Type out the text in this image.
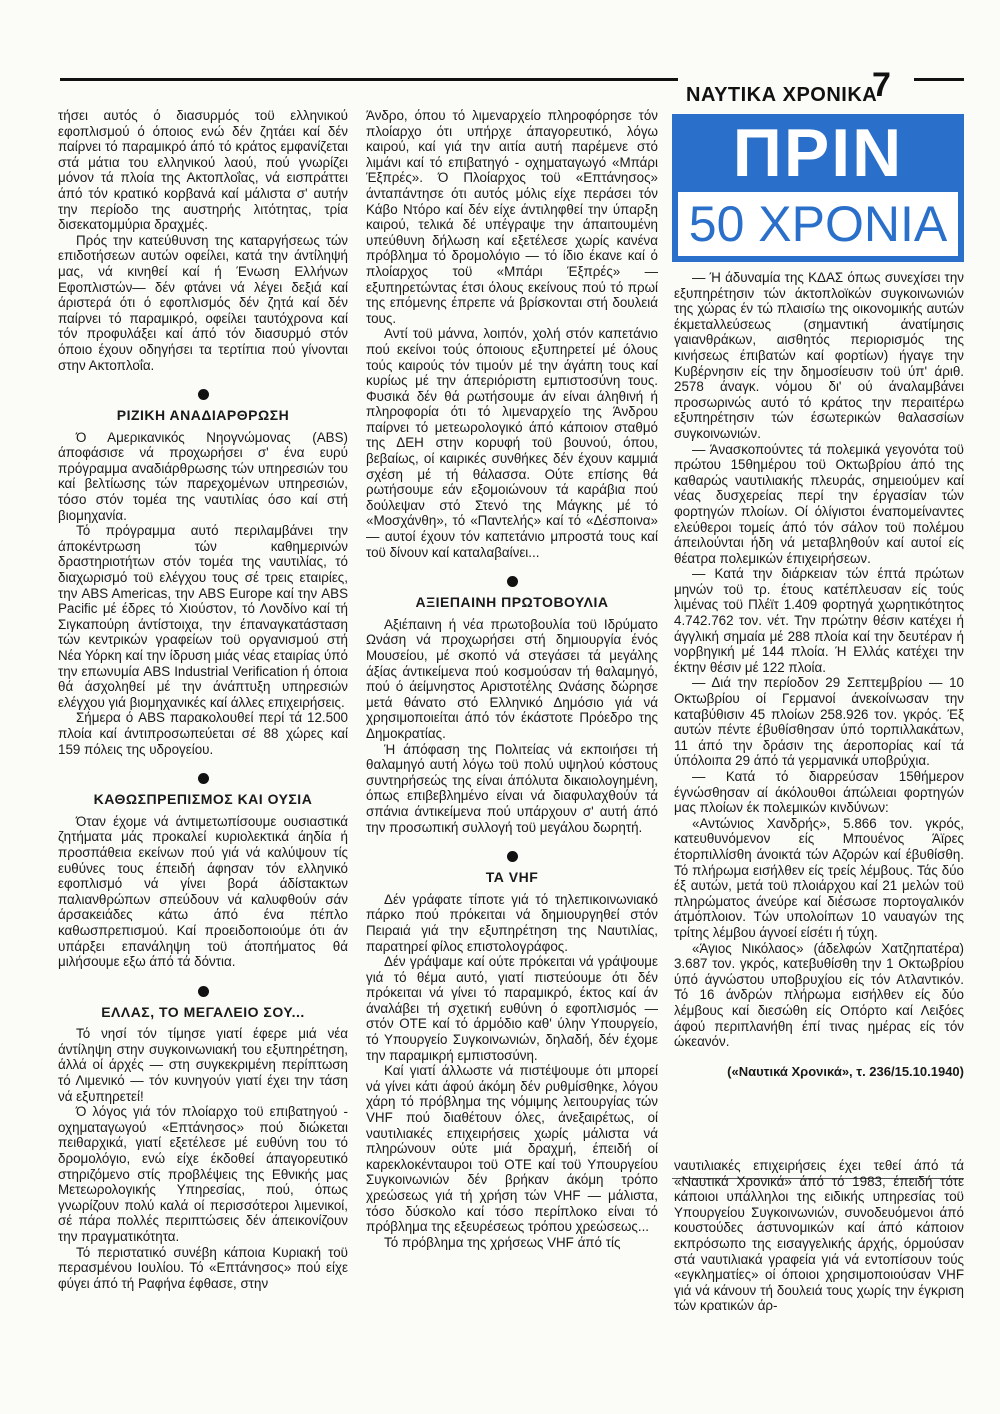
ΝΑΥΤΙΚΑ ΧΡΟΝΙΚΑ
7
ΠΡΙΝ
50 ΧΡΟΝΙΑ

τήσει αυτός ό διασυρμός τοϋ ελληνικού εφοπλισμού ό όποιος ενώ δέν ζητάει καί δέν παίρνει τό παραμικρό άπό τό κράτος εμφανίζεται στά μάτια του ελληνικού λαού, πού γνωρίζει μόνον τά πλοία της Ακτοπλοΐας, νά εισπράττει άπό τόν κρατικό κορβανά καί μάλιστα σ' αυτήν την περίοδο της αυστηρής λιτότητας, τρία δισεκατομμύρια δραχμές.

Πρός την κατεύθυνση της καταργήσεως τών επιδοτήσεων αυτών οφείλει, κατά την άντίληψή μας, νά κινηθεί καί ή Ένωση Ελλήνων Εφοπλιστών— δέν φτάνει νά λέγει δεξιά καί άριστερά ότι ό εφοπλισμός δέν ζητά καί δέν παίρνει τό παραμικρό, οφείλει ταυτόχρονα καί τόν προφυλάξει καί άπό τόν διασυρμό στόν όποιο έχουν οδηγήσει τα τερτίπια πού γίνονται στην Ακτοπλοΐα.

ΡΙΖΙΚΗ ΑΝΑΔΙΑΡΘΡΩΣΗ

Ό Αμερικανικός Νηογνώμονας (ABS) άποφάσισε νά προχωρήσει σ' ένα ευρύ πρόγραμμα αναδιάρθρωσης τών υπηρεσιών του καί βελτίωσης τών παρεχομένων υπηρεσιών, τόσο στόν τομέα της ναυτιλίας όσο καί στή βιομηχανία.

Τό πρόγραμμα αυτό περιλαμβάνει την άποκέντρωση τών καθημερινών δραστηριοτήτων στόν τομέα της ναυτιλίας, τό διαχωρισμό τοϋ ελέγχου τους σέ τρεις εταιρίες, την ABS Americas, την ABS Europe καί την ABS Pacific μέ έδρες τό Χιούστον, τό Λονδίνο καί τή Σιγκαπούρη άντίστοιχα, την έπαναγκατάσταση τών κεντρικών γραφείων τοϋ οργανισμού στή Νέα Υόρκη καί την ίδρυση μιάς νέας εταιρίας ύπό την επωνυμία ABS Industrial Verification ή όποια θά άσχοληθεί μέ την άνάπτυξη υπηρεσιών ελέγχου γιά βιομηχανικές καί άλλες επιχειρήσεις.

Σήμερα ό ABS παρακολουθεί περί τά 12.500 πλοία καί άντιπροσωπεύεται σέ 88 χώρες καί 159 πόλεις της υδρογείου.

ΚΑΘΩΣΠΡΕΠΙΣΜΟΣ ΚΑΙ ΟΥΣΙΑ

Όταν έχομε νά άντιμετωπίσουμε ουσιαστικά ζητήματα μάς προκαλεί κυριολεκτικά άηδία ή προσπάθεια εκείνων πού γιά νά καλύψουν τίς ευθύνες τους έπειδή άφησαν τόν ελληνικό εφοπλισμό νά γίνει βορά άδίστακτων παλιανθρώπων σπεύδουν νά καλυφθούν σάν άρσακειάδες κάτω άπό ένα πέπλο καθωσπρεπισμού. Καί προειδοποιούμε ότι άν υπάρξει επανάληψη τοϋ άτοπήματος θά μιλήσουμε εξω άπό τά δόντια.

ΕΛΛΑΣ, ΤΟ ΜΕΓΑΛΕΙΟ ΣΟΥ...

Τό νησί τόν τίμησε γιατί έφερε μιά νέα άντίληψη στην συγκοινωνιακή του εξυπηρέτηση, άλλά οί άρχές — στη συγκεκριμένη περίπτωση τό Λιμενικό — τόν κυνηγούν γιατί έχει την τάση νά εξυπηρετεί!

Ό λόγος γιά τόν πλοίαρχο τοϋ επιβατηγού - οχηματαγωγού «Επτάνησος» πού διώκεται πειθαρχικά, γιατί εξετέλεσε μέ ευθύνη του τό δρομολόγιο, ενώ είχε έκδοθεί άπαγορευτικό στηριζόμενο στίς προβλέψεις της Εθνικής μας Μετεωρολογικής Υπηρεσίας, πού, όπως γνωρίζουν πολύ καλά οί περισσότεροι λιμενικοί, σέ πάρα πολλές περιπτώσεις δέν άπεικονίζουν την πραγματικότητα.

Τό περιστατικό συνέβη κάποια Κυριακή τοϋ περασμένου Ιουλίου. Τό «Επτάνησος» πού είχε φύγει άπό τή Ραφήνα έφθασε, στην

Άνδρο, όπου τό λιμεναρχείο πληροφόρησε τόν πλοίαρχο ότι υπήρχε άπαγορευτικό, λόγω καιρού, καί γιά την αιτία αυτή παρέμενε στό λιμάνι καί τό επιβατηγό - οχηματαγωγό «Μπάρι Έξπρές». Ό Πλοίαρχος τοϋ «Επτάνησος» άνταπάντησε ότι αυτός μόλις είχε περάσει τόν Κάβο Ντόρο καί δέν είχε άντιληφθεί την ύπαρξη καιρού, τελικά δέ υπέγραψε την άπαιτουμένη υπεύθυνη δήλωση καί εξετέλεσε χωρίς κανένα πρόβλημα τό δρομολόγιο — τό ίδιο έκανε καί ό πλοίαρχος τοϋ «Μπάρι Έξπρές» — εξυπηρετώντας έτσι όλους εκείνους πού τό πρωί της επόμενης έπρεπε νά βρίσκονται στή δουλειά τους.

Αντί τοϋ μάννα, λοιπόν, χολή στόν καπετάνιο πού εκείνοι τούς όποιους εξυπηρετεί μέ όλους τούς καιρούς τόν τιμούν μέ την άγάπη τους καί κυρίως μέ την άπεριόριστη εμπιστοσύνη τους. Φυσικά δέν θά ρωτήσουμε άν είναι άληθινή ή πληροφορία ότι τό λιμεναρχείο της Άνδρου παίρνει τό μετεωρολογικό άπό κάποιον σταθμό της ΔΕΗ στην κορυφή τοϋ βουνού, όπου, βεβαίως, οί καιρικές συνθήκες δέν έχουν καμμιά σχέση μέ τή θάλασσα. Ούτε επίσης θά ρωτήσουμε εάν εξομοιώνουν τά καράβια πού δούλεψαν στό Στενό της Μάγκης μέ τό «Μοσχάνθη», τό «Παντελής» καί τό «Δέσποινα» — αυτοί έχουν τόν καπετάνιο μπροστά τους καί τοϋ δίνουν καί καταλαβαίνει...

ΑΞΙΕΠΑΙΝΗ ΠΡΩΤΟΒΟΥΛΙΑ

Αξιέπαινη ή νέα πρωτοβουλία τοϋ Ιδρύματο Ωνάση νά προχωρήσει στή δημιουργία ένός Μουσείου, μέ σκοπό νά στεγάσει τά μεγάλης άξίας άντικείμενα πού κοσμούσαν τή θαλαμηγό, πού ό άείμνηστος Αριστοτέλης Ωνάσης δώρησε μετά θάνατο στό Ελληνικό Δημόσιο γιά νά χρησιμοποιείται άπό τόν έκάστοτε Πρόεδρο της Δημοκρατίας.

Ή άπόφαση της Πολιτείας νά εκποιήσει τή θαλαμηγό αυτή λόγω τοϋ πολύ υψηλού κόστους συντηρήσεώς της είναι άπόλυτα δικαιολογημένη, όπως επιβεβλημένο είναι νά διαφυλαχθούν τά σπάνια άντικείμενα πού υπάρχουν σ' αυτή άπό την προσωπική συλλογή τοϋ μεγάλου δωρητή.

ΤΑ VHF

Δέν γράφατε τίποτε γιά τό τηλεπικοινωνιακό πάρκο πού πρόκειται νά δημιουργηθεί στόν Πειραιά γιά την εξυπηρέτηση της Ναυτιλίας, παρατηρεί φίλος επιστολογράφος.

Δέν γράψαμε καί ούτε πρόκειται νά γράψουμε γιά τό θέμα αυτό, γιατί πιστεύουμε ότι δέν πρόκειται νά γίνει τό παραμικρό, έκτος καί άν άναλάβει τή σχετική ευθύνη ό εφοπλισμός — στόν ΟΤΕ καί τό άρμόδιο καθ' ύλην Υπουργείο, τό Υπουργείο Συγκοινωνιών, δηλαδή, δέν έχομε την παραμικρή εμπιστοσύνη.

Καί γιατί άλλωστε νά πιστέψουμε ότι μπορεί νά γίνει κάτι άφού άκόμη δέν ρυθμίσθηκε, λόγου χάρη τό πρόβλημα της νόμιμης λειτουργίας τών VHF πού διαθέτουν όλες, άνεξαιρέτως, οί ναυτιλιακές επιχειρήσεις χωρίς μάλιστα νά πληρώνουν ούτε μιά δραχμή, έπειδή οί καρεκλοκένταυροι τοϋ ΟΤΕ καί τοϋ Υπουργείου Συγκοινωνιών δέν βρήκαν άκόμη τρόπο χρεώσεως γιά τή χρήση τών VHF — μάλιστα, τόσο δύσκολο καί τόσο περίπλοκο είναι τό πρόβλημα της εξευρέσεως τρόπου χρεώσεως...

Τό πρόβλημα της χρήσεως VHF άπό τίς

— Ή άδυναμία της ΚΔΑΣ όπως συνεχίσει την εξυπηρέτησιν τών άκτοπλοϊκών συγκοινωνιών της χώρας έν τώ πλαισίω της οικονομικής αυτών έκμεταλλεύσεως (σημαντική άνατίμησις γαιανθράκων, αισθητός περιορισμός της κινήσεως έπιβατών καί φορτίων) ήγαγε την Κυβέρνησιν είς την δημοσίευσιν τοϋ ύπ' άριθ. 2578 άναγκ. νόμου δι' ού άναλαμβάνει προσωρινώς αυτό τό κράτος την περαιτέρω εξυπηρέτησιν τών έσωτερικών θαλασσίων συγκοινωνιών.

— Άνασκοπούντες τά πολεμικά γεγονότα τοϋ πρώτου 15θημέρου τοϋ Οκτωβρίου άπό της καθαρώς ναυτιλιακής πλευράς, σημειούμεν καί νέας δυσχερείας περί την έργασίαν τών φορτηγών πλοίων. Οί όλίγιστοι έναπομείναντες ελεύθεροι τομείς άπό τόν σάλον τοϋ πολέμου άπειλούνται ήδη νά μεταβληθούν καί αυτοί είς θέατρα πολεμικών έπιχειρήσεων.

— Κατά την διάρκειαν τών έπτά πρώτων μηνών τοϋ τρ. έτους κατέπλευσαν είς τούς λιμένας τοϋ Πλέϊτ 1.409 φορτηγά χωρητικότητος 4.742.762 τον. νέτ. Την πρώτην θέσιν κατέχει ή άγγλική σημαία μέ 288 πλοία καί την δευτέραν ή νορβηγική μέ 144 πλοία. Ή Ελλάς κατέχει την έκτην θέσιν μέ 122 πλοία.

— Διά την περίοδον 29 Σεπτεμβρίου — 10 Οκτωβρίου οί Γερμανοί άνεκοίνωσαν την καταβύθισιν 45 πλοίων 258.926 τον. γκρός. Έξ αυτών πέντε έβυθίσθησαν ύπό τορπιλλακάτων, 11 άπό την δράσιν της άεροπορίας καί τά ύπόλοιπα 29 άπό τά γερμανικά υποβρύχια.

— Κατά τό διαρρεύσαν 15θήμερον έγνώσθησαν αί άκόλουθοι άπώλειαι φορτηγών μας πλοίων έκ πολεμικών κινδύνων:

«Αντώνιος Χανδρής», 5.866 τον. γκρός, κατευθυνόμενον είς Μπουένος Άϊρες έτορπιλλίσθη άνοικτά τών Αζορών καί έβυθίσθη. Τό πλήρωμα εισήλθεν είς τρείς λέμβους. Τάς δύο έξ αυτών, μετά τοϋ πλοιάρχου καί 21 μελών τοϋ πληρώματος άνεύρε καί διέσωσε πορτογαλικόν άτμόπλοιον. Τών υπολοίπων 10 ναυαγών της τρίτης λέμβου άγνοεί είσέτι ή τύχη.

«Άγιος Νικόλαος» (άδελφών Χατζηπατέρα) 3.687 τον. γκρός, κατεβυθίσθη την 1 Οκτωβρίου ύπό άγνώστου υποβρυχίου είς τόν Ατλαντικόν. Τό 16 άνδρών πλήρωμα εισήλθεν είς δύο λέμβους καί διεσώθη είς Οπόρτο καί Λειξόες άφού περιπλανήθη έπί τινας ημέρας είς τόν ώκεανόν.

(«Ναυτικά Χρονικά», τ. 236/15.10.1940)

ναυτιλιακές επιχειρήσεις έχει τεθεί άπό τά «Ναυτικά Χρονικά» άπό τό 1983, έπειδή τότε κάποιοι υπάλληλοι της ειδικής υπηρεσίας τοϋ Υπουργείου Συγκοινωνιών, συνοδευόμενοι άπό κουστούδες άστυνομικών καί άπό κάποιον εκπρόσωπο της εισαγγελικής άρχής, όρμούσαν στά ναυτιλιακά γραφεία γιά νά εντοπίσουν τούς «εγκληματίες» οί όποιοι χρησιμοποιούσαν VHF γιά νά κάνουν τή δουλειά τους χωρίς την έγκριση τών κρατικών άρ-
